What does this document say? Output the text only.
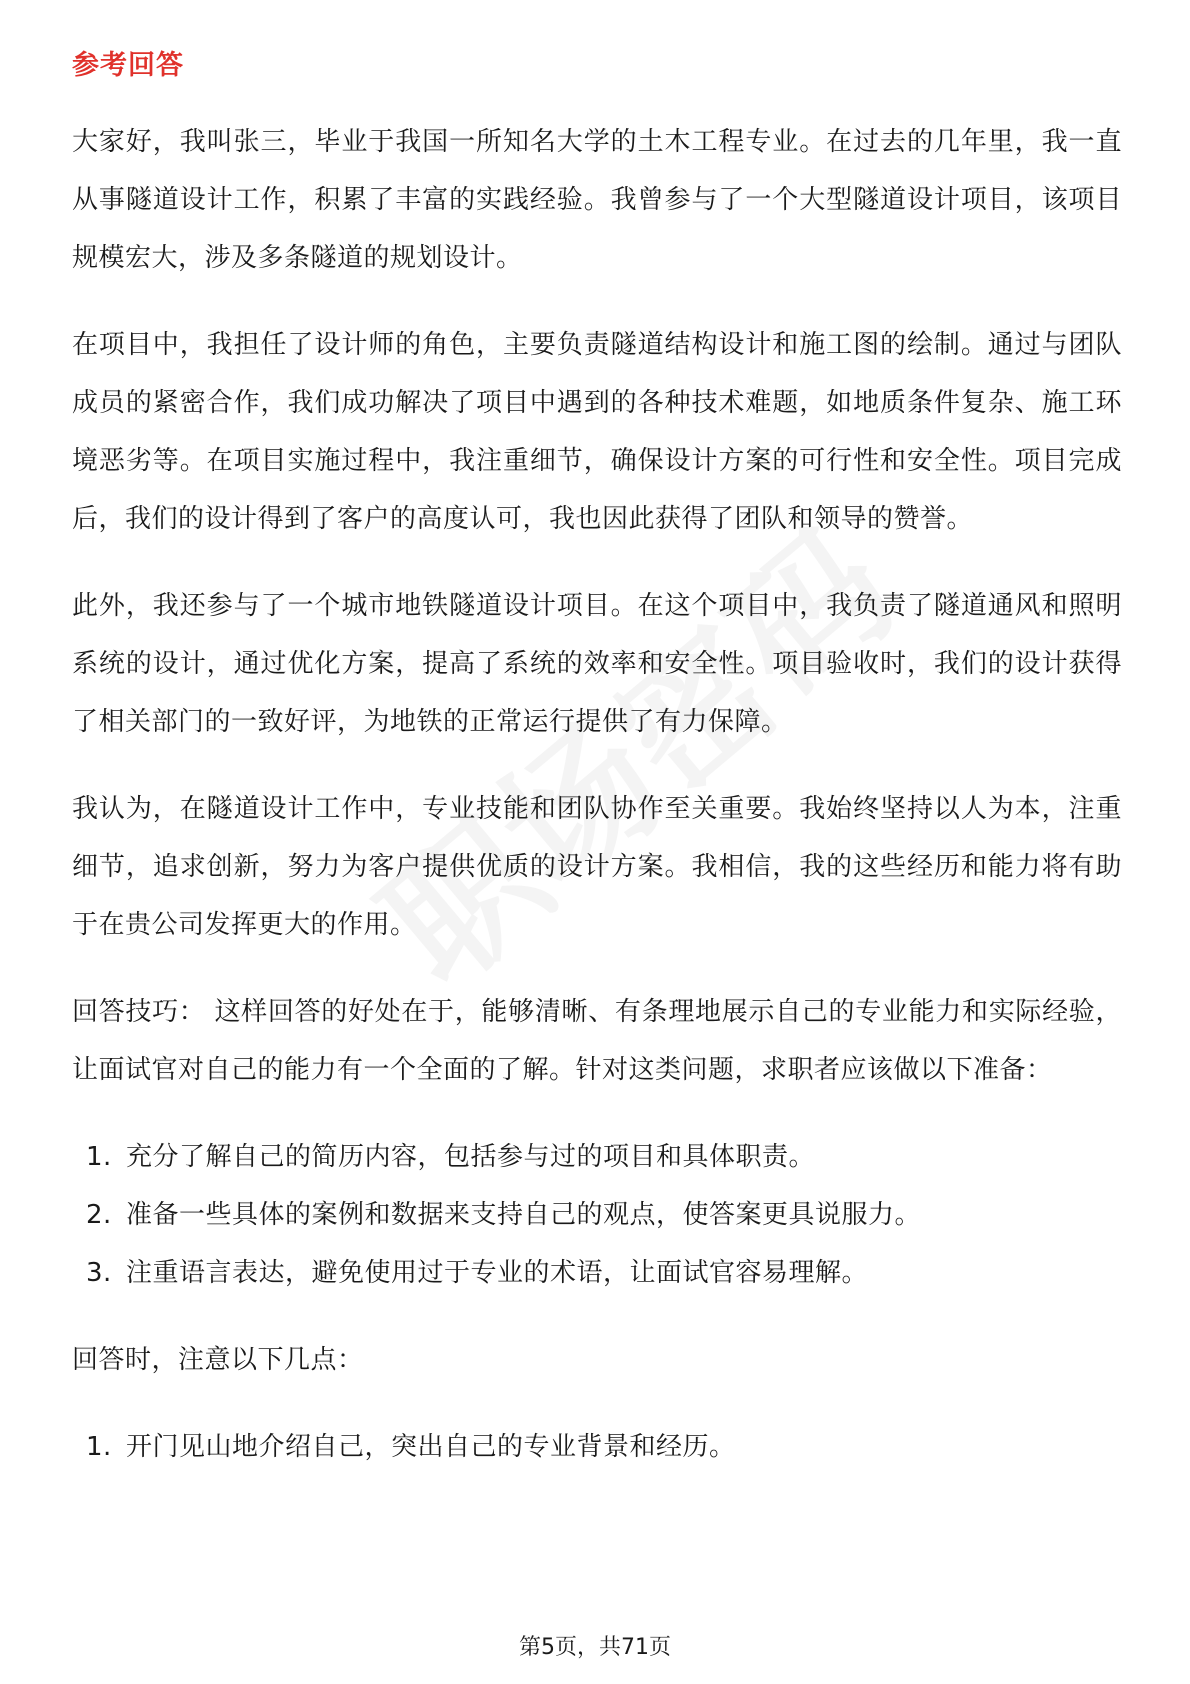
参考回答

大家好，我叫张三，毕业于我国一所知名大学的土木工程专业。在过去的几年里，我一直从事隧道设计工作，积累了丰富的实践经验。我曾参与了一个大型隧道设计项目，该项目规模宏大，涉及多条隧道的规划设计。

在项目中，我担任了设计师的角色，主要负责隧道结构设计和施工图的绘制。通过与团队成员的紧密合作，我们成功解决了项目中遇到的各种技术难题，如地质条件复杂、施工环境恶劣等。在项目实施过程中，我注重细节，确保设计方案的可行性和安全性。项目完成后，我们的设计得到了客户的高度认可，我也因此获得了团队和领导的赞誉。

此外，我还参与了一个城市地铁隧道设计项目。在这个项目中，我负责了隧道通风和照明系统的设计，通过优化方案，提高了系统的效率和安全性。项目验收时，我们的设计获得了相关部门的一致好评，为地铁的正常运行提供了有力保障。

我认为，在隧道设计工作中，专业技能和团队协作至关重要。我始终坚持以人为本，注重细节，追求创新，努力为客户提供优质的设计方案。我相信，我的这些经历和能力将有助于在贵公司发挥更大的作用。

回答技巧： 这样回答的好处在于，能够清晰、有条理地展示自己的专业能力和实际经验，让面试官对自己的能力有一个全面的了解。针对这类问题，求职者应该做以下准备：

1. 充分了解自己的简历内容，包括参与过的项目和具体职责。
2. 准备一些具体的案例和数据来支持自己的观点，使答案更具说服力。
3. 注重语言表达，避免使用过于专业的术语，让面试官容易理解。

回答时，注意以下几点：

1. 开门见山地介绍自己，突出自己的专业背景和经历。
第5页，共71页
